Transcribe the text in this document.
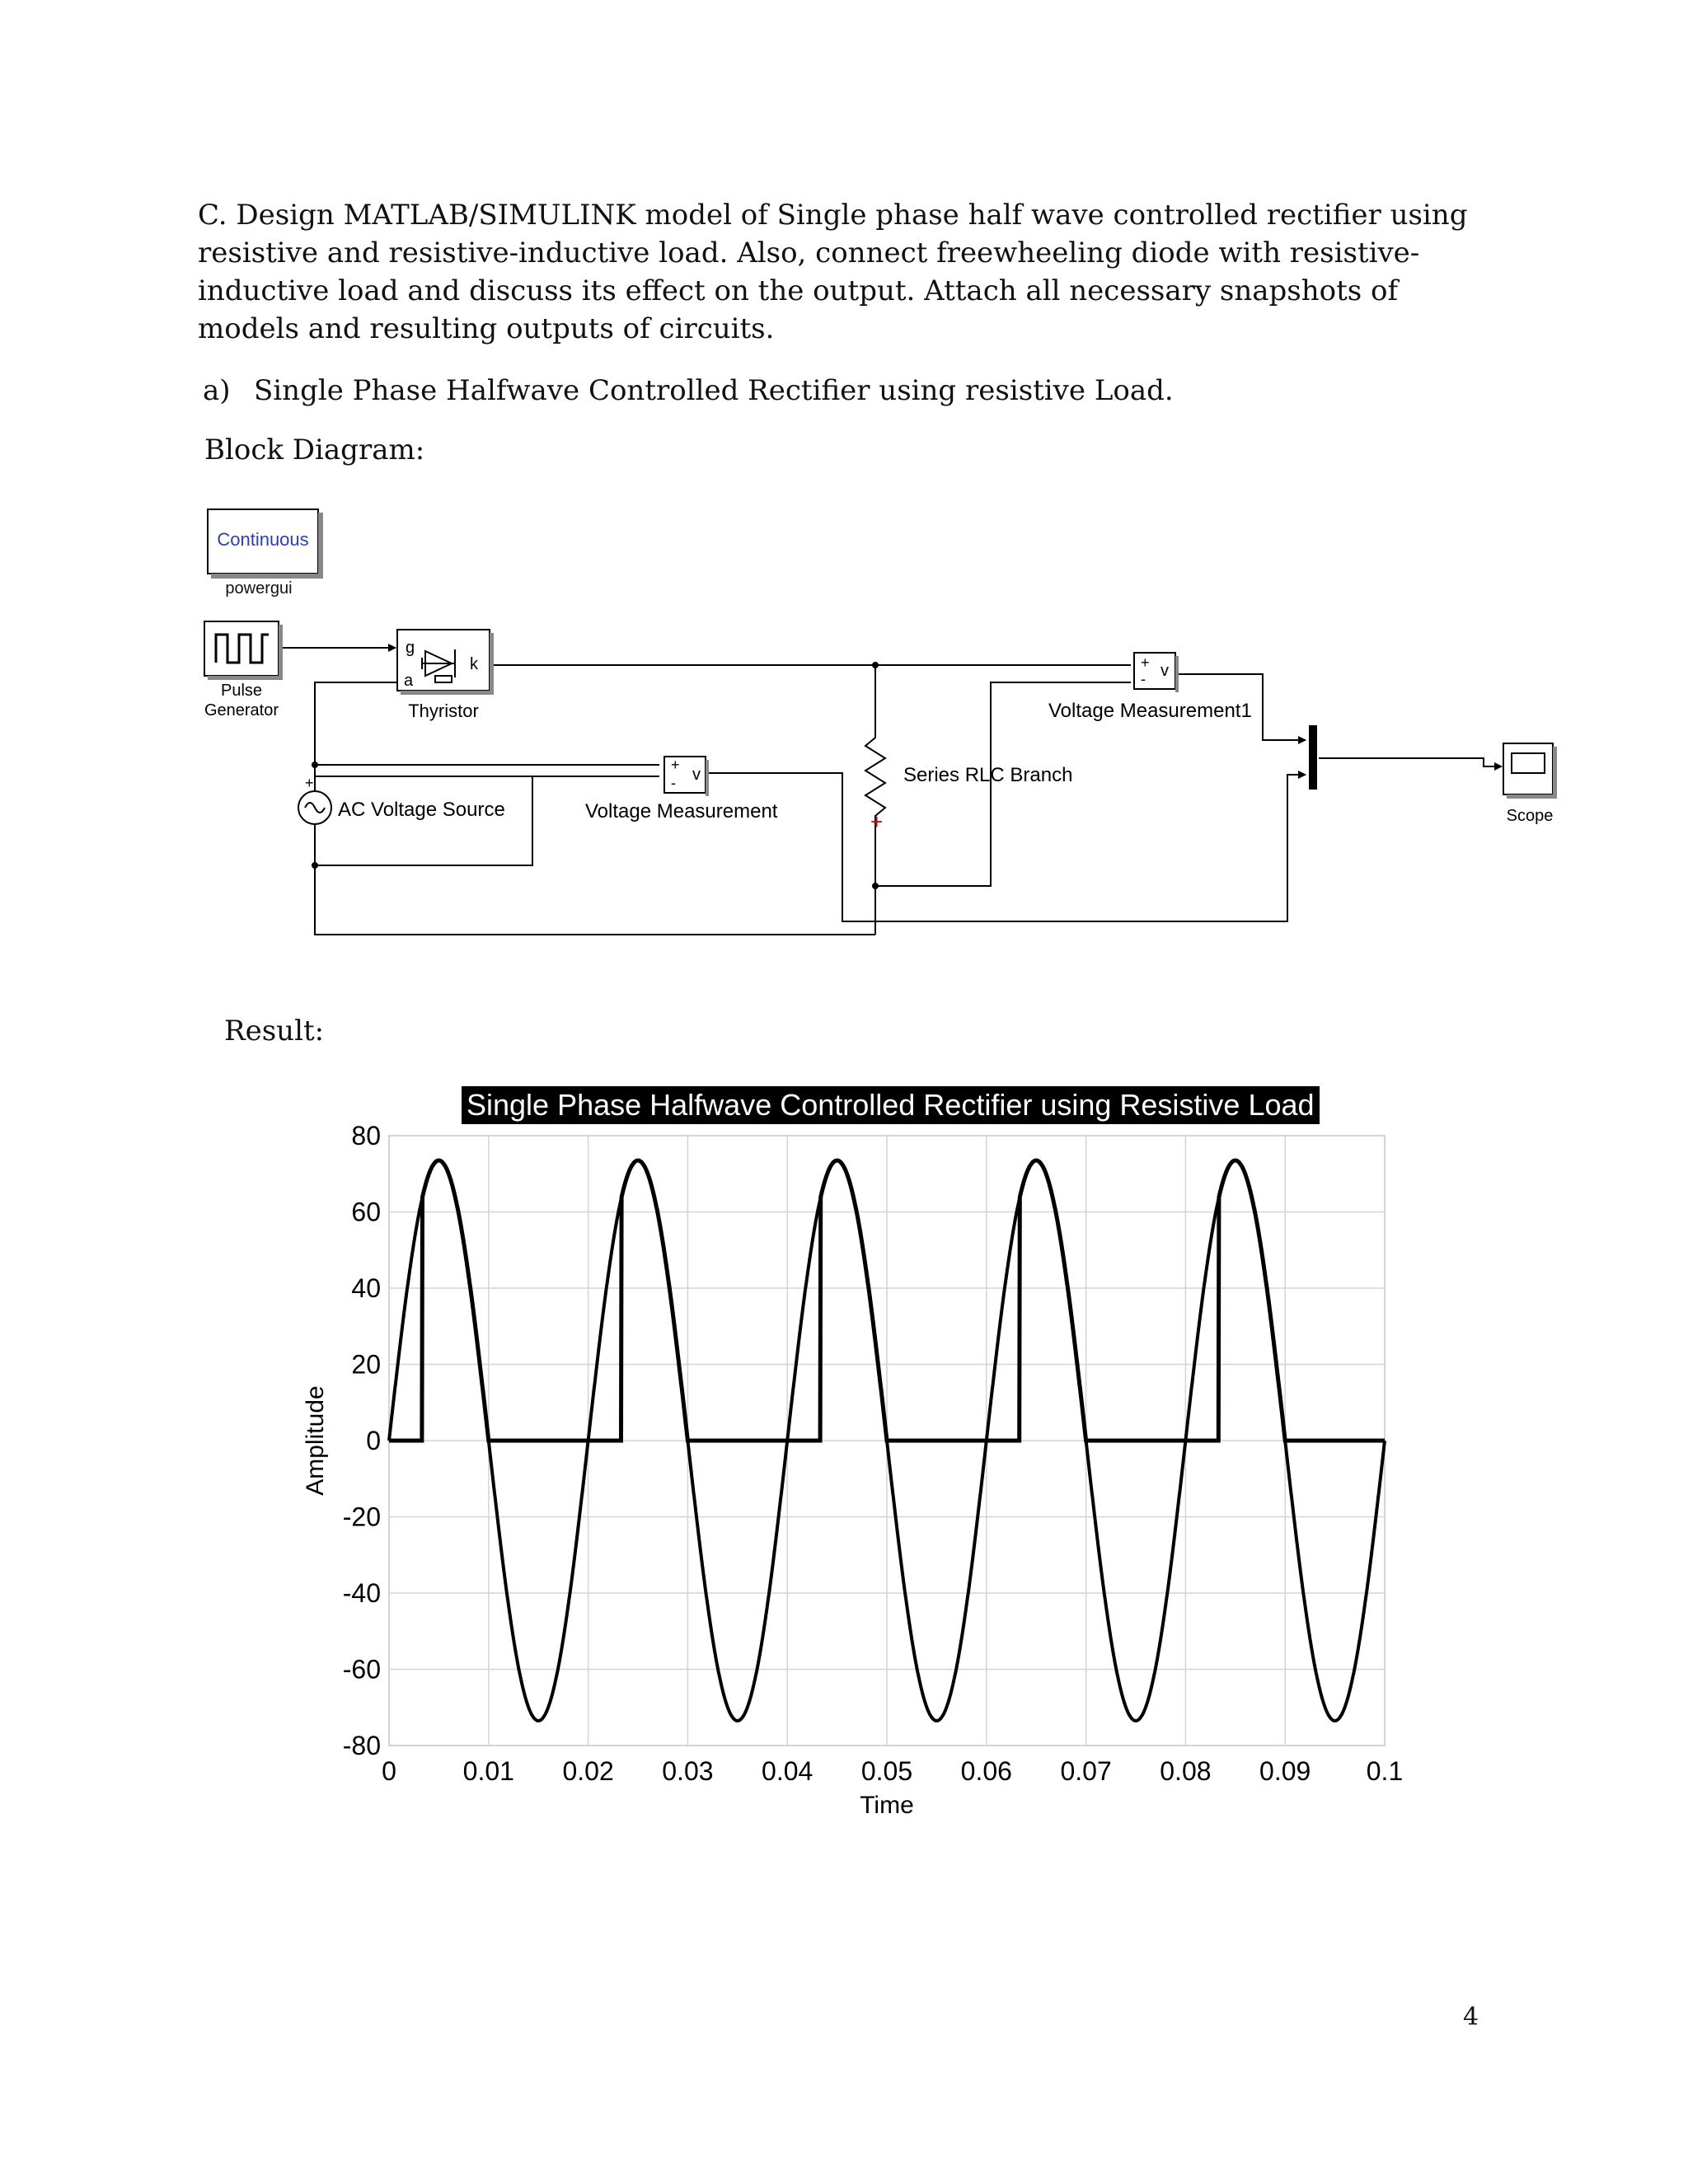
C. Design MATLAB/SIMULINK model of Single phase half wave controlled rectifier using resistive and resistive-inductive load. Also, connect freewheeling diode with resistive-inductive load and discuss its effect on the output. Attach all necessary snapshots of models and resulting outputs of circuits.

a) Single Phase Halfwave Controlled Rectifier using resistive Load.

Block Diagram:

Continuous
powergui
Pulse
Generator
g
a
k
Thyristor
+
AC Voltage Source
+
- v
Voltage Measurement	+
Series RLC Branch
+
- v
Voltage Measurement1
Scope

Result:

0	0.01 0.02 0.03 0.04 0.05 0.06 0.07 0.08 0.09 0.1
80
60
40
20
0
-20
-40
-60
-80
Time
Amplitude
Single Phase Halfwave Controlled Rectifier using Resistive Load
4
